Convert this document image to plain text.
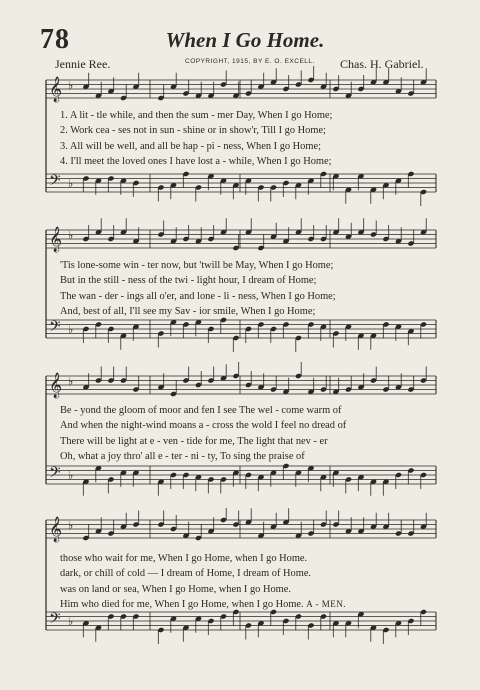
78	When I Go Home.
Jennie Ree.	COPYRIGHT, 1915, BY E. O. EXCELL. Chas. H. Gabriel.
𝄞
𝄢
♭
♭
1. A lit - tle while, and then the sum - mer Day, When I go Home;
2. Work cea - ses not in sun - shine or in show'r, Till I go Home;
3. All will be well, and all be hap - pi - ness, When I go Home;
4. I'll meet the loved ones I have lost a - while, When I go Home;
𝄞
𝄢
♭
♭
'Tis lone-some win - ter now, but 'twill be May, When I go Home;
But in the still - ness of the twi - light hour, I dream of Home;
The wan - der - ings all o'er, and lone - li - ness, When I go Home;
And, best of all, I'll see my Sav - ior smile, When I go Home;
𝄞
𝄢
♭
♭
Be - yond the gloom of moor and fen I see The wel - come warm of
And when the night-wind moans a - cross the wold I feel no dread of
There will be light at e - ven - tide for me, The light that nev - er
Oh, what a joy thro' all e - ter - ni - ty, To sing the praise of
𝄞
𝄢
♭
♭
those who wait for me, When I go Home, when I go Home.
dark, or chill of cold — I dream of Home, I dream of Home.
was on land or sea, When I go Home, when I go Home.
Him who died for me, When I go Home, when I go Home. A - MEN.
